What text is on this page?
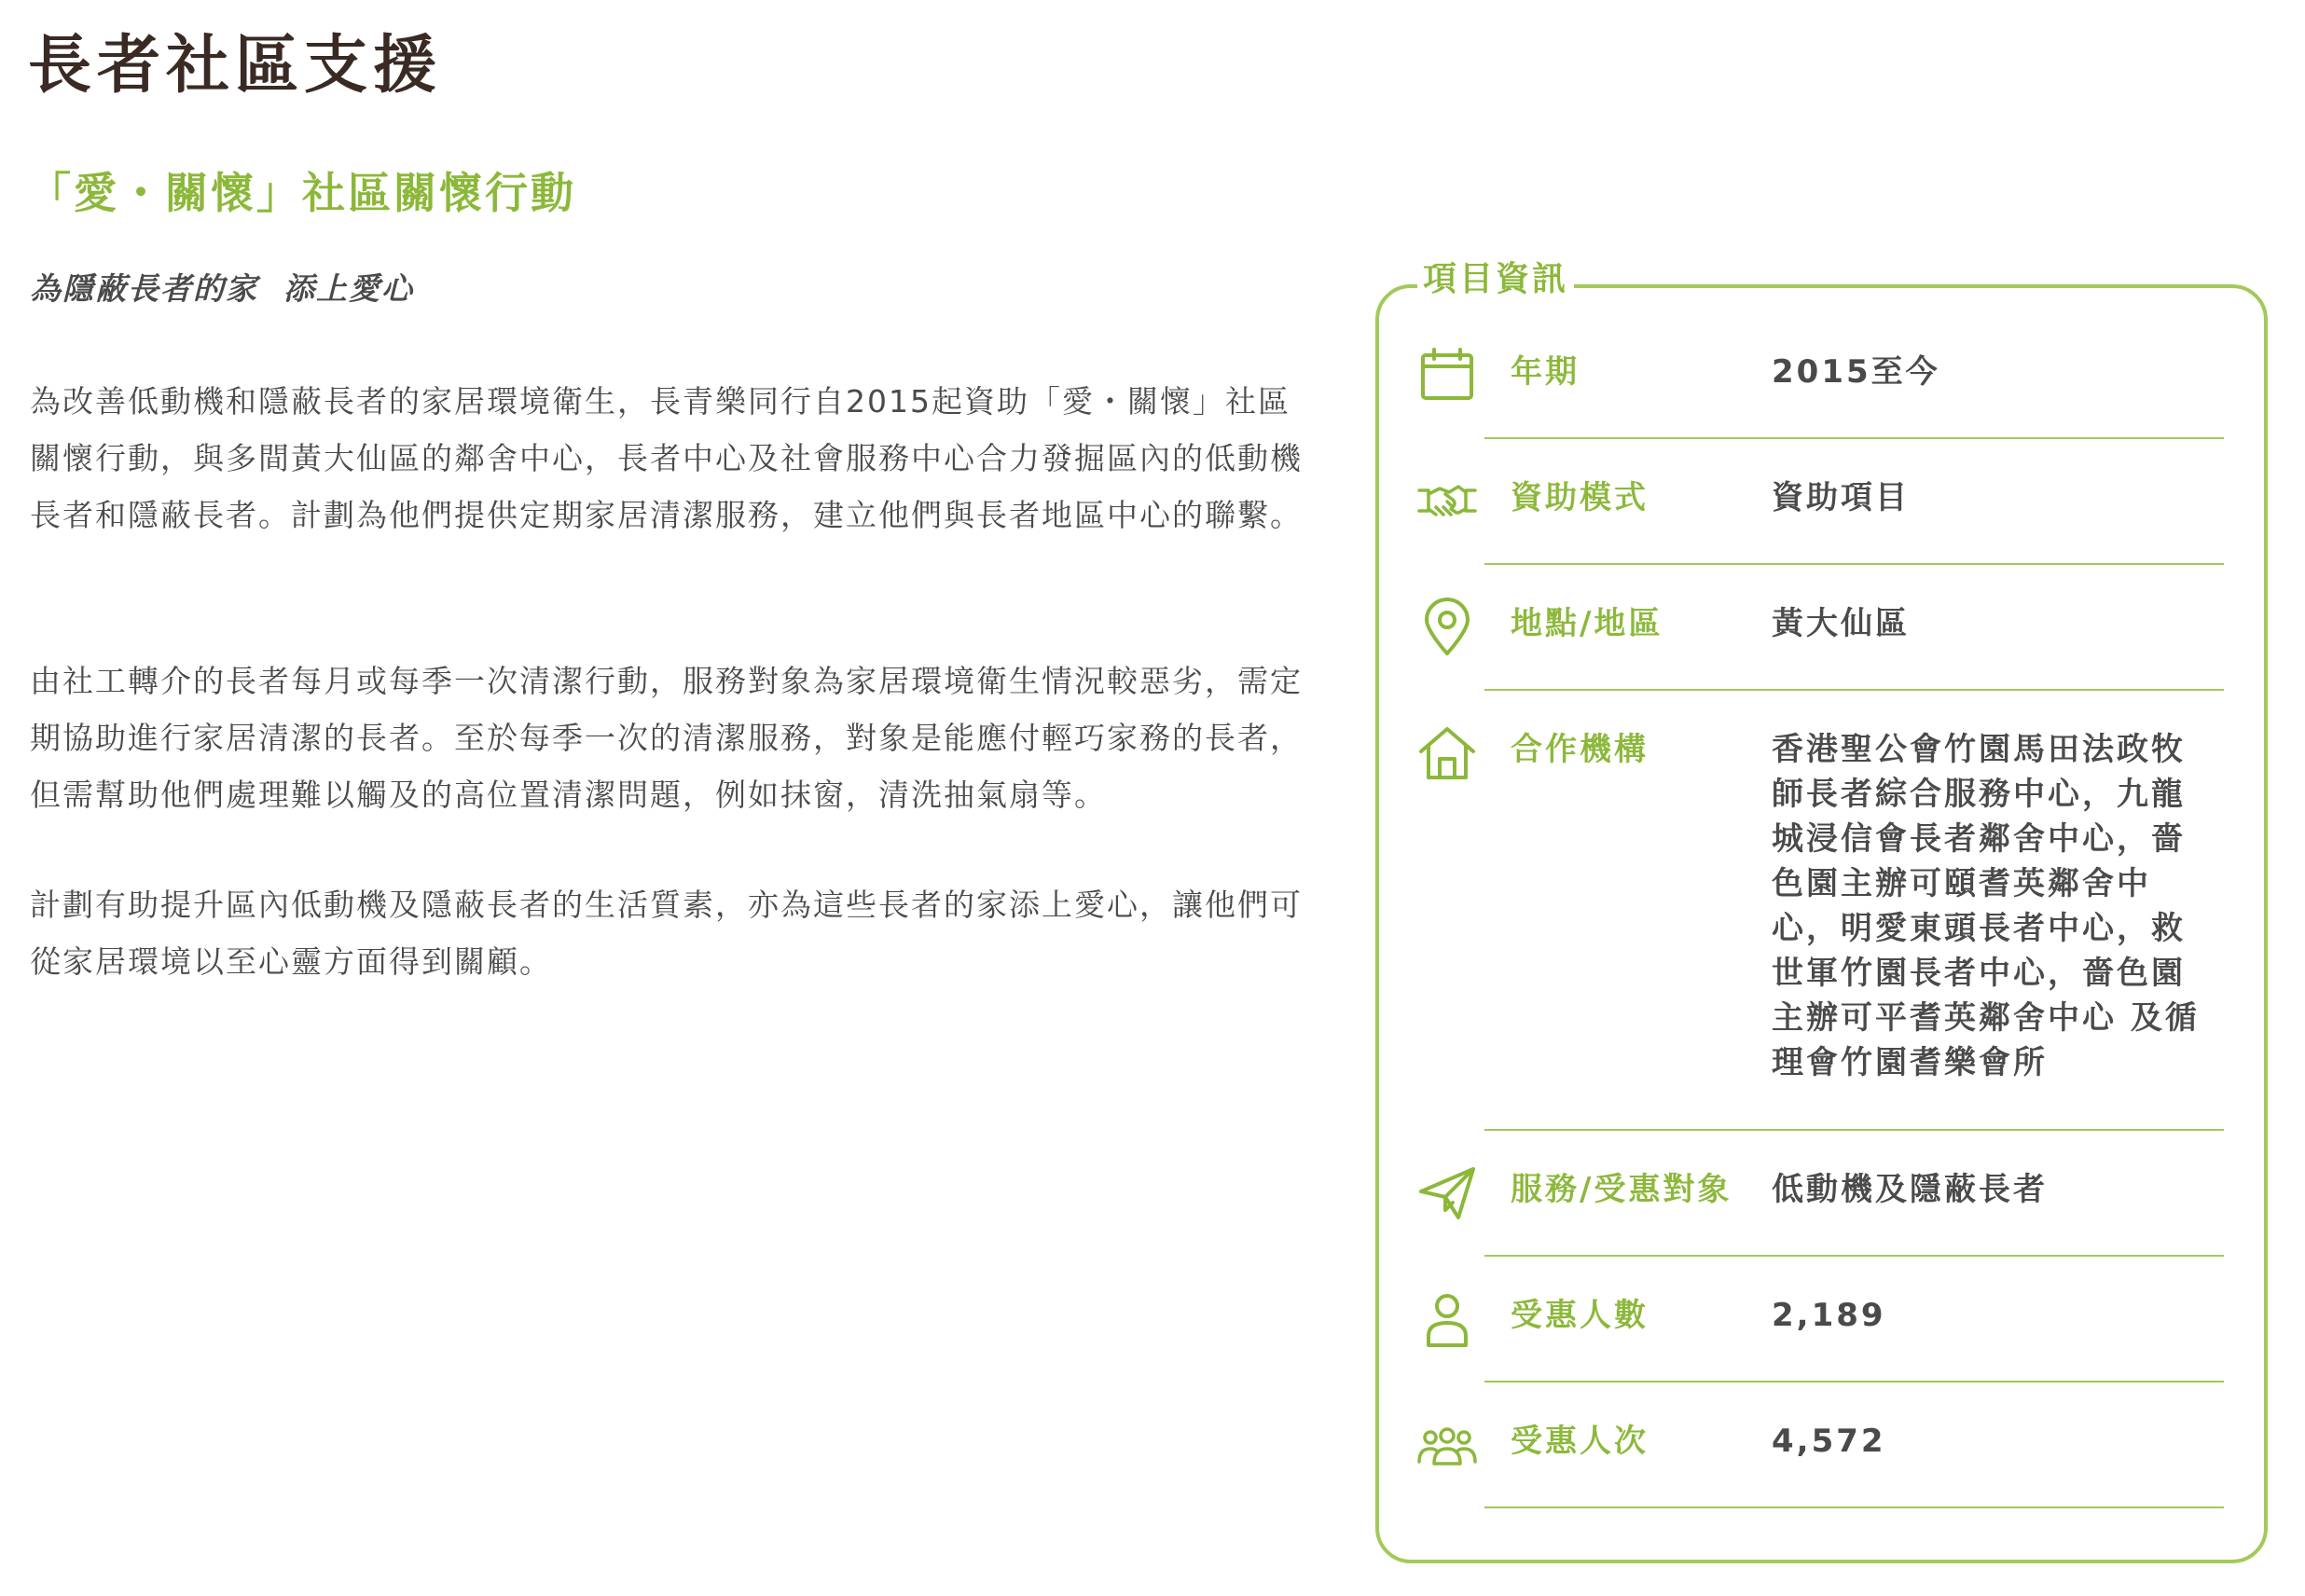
長者社區支援
「愛・關懷」社區關懷行動

為隱蔽長者的家  添上愛心

為改善低動機和隱蔽長者的家居環境衛生，長青樂同行自2015起資助「愛・關懷」社區關懷行動，與多間黃大仙區的鄰舍中心，長者中心及社會服務中心合力發掘區內的低動機長者和隱蔽長者。計劃為他們提供定期家居清潔服務，建立他們與長者地區中心的聯繫。

由社工轉介的長者每月或每季一次清潔行動，服務對象為家居環境衛生情況較惡劣，需定期協助進行家居清潔的長者。至於每季一次的清潔服務，對象是能應付輕巧家務的長者，但需幫助他們處理難以觸及的高位置清潔問題，例如抹窗，清洗抽氣扇等。

計劃有助提升區內低動機及隱蔽長者的生活質素，亦為這些長者的家添上愛心，讓他們可從家居環境以至心靈方面得到關顧。

項目資訊
年期	2015至今
資助模式	資助項目
地點/地區	黃大仙區
合作機構	香港聖公會竹園馬田法政牧師長者綜合服務中心，九龍城浸信會長者鄰舍中心，嗇色園主辦可頤耆英鄰舍中心，明愛東頭長者中心，救世軍竹園長者中心，嗇色園主辦可平耆英鄰舍中心 及循理會竹園耆樂會所
服務/受惠對象 低動機及隱蔽長者
受惠人數	2,189
受惠人次	4,572
